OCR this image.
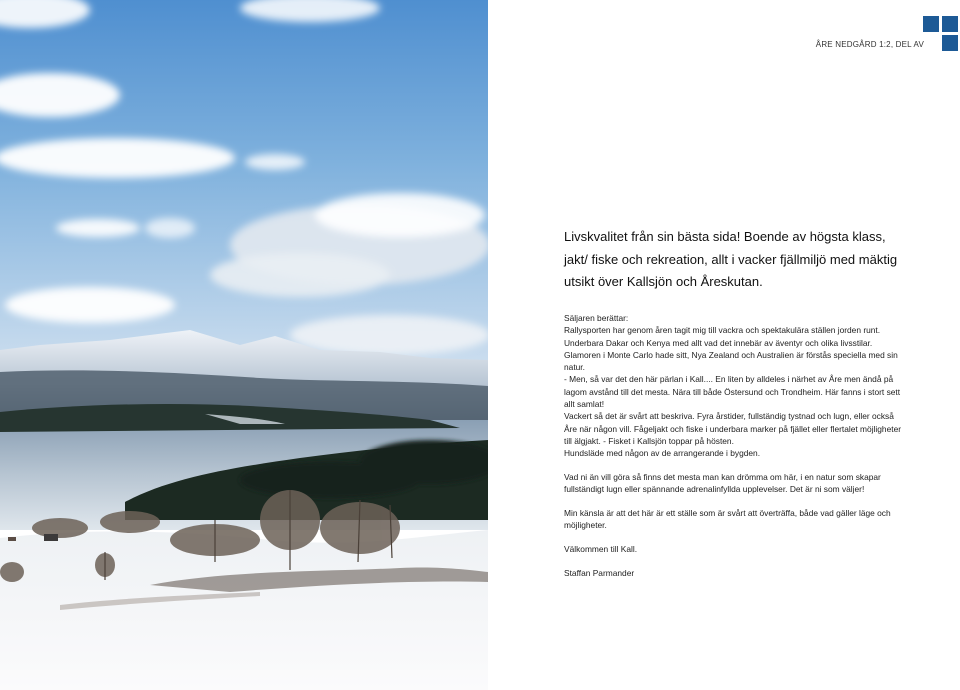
ÅRE NEDGÅRD 1:2, DEL AV

Livskvalitet från sin bästa sida! Boende av högsta klass, jakt/ fiske och rekreation, allt i vacker fjällmiljö med mäktig utsikt över Kallsjön och Åreskutan.

Säljaren berättar:

Rallysporten har genom åren tagit mig till vackra och spektakulära ställen jorden runt.

Underbara Dakar och Kenya med allt vad det innebär av äventyr och olika livsstilar.

Glamoren i Monte Carlo hade sitt, Nya Zealand och Australien är förstås speciella med sin natur.

- Men, så var det den här pärlan i Kall.... En liten by alldeles i närhet av Åre men ändå på lagom avstånd till det mesta. Nära till både Östersund och Trondheim. Här fanns i stort sett allt samlat!

Vackert så det är svårt att beskriva. Fyra årstider, fullständig tystnad och lugn, eller också Åre när någon vill. Fågeljakt och fiske i underbara marker på fjället eller flertalet möjligheter till älgjakt. - Fisket i Kallsjön toppar på hösten.

Hundsläde med någon av de arrangerande i bygden.

Vad ni än vill göra så finns det mesta man kan drömma om här, i en natur som skapar fullständigt lugn eller spännande adrenalinfyllda upplevelser. Det är ni som väljer!

Min känsla är att det här är ett ställe som är svårt att överträffa, både vad gäller läge och möjligheter.

Välkommen till Kall.

Staffan Parmander
